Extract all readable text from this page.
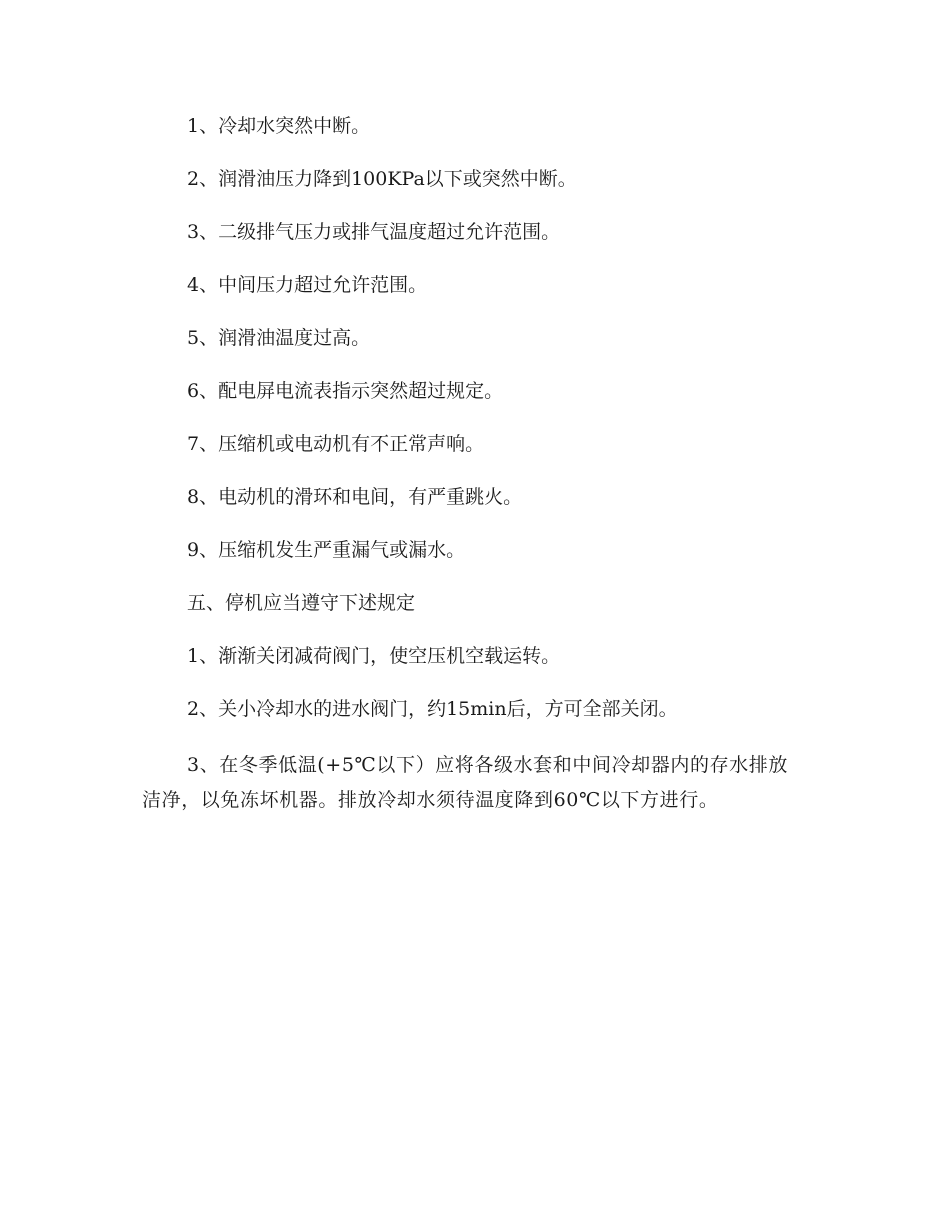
1、冷却水突然中断。

2、润滑油压力降到100KPa以下或突然中断。

3、二级排气压力或排气温度超过允许范围。

4、中间压力超过允许范围。

5、润滑油温度过高。

6、配电屏电流表指示突然超过规定。

7、压缩机或电动机有不正常声响。

8、电动机的滑环和电间，有严重跳火。

9、压缩机发生严重漏气或漏水。

五、停机应当遵守下述规定

1、渐渐关闭减荷阀门，使空压机空载运转。

2、关小冷却水的进水阀门，约15min后，方可全部关闭。

3、在冬季低温(+5℃以下）应将各级水套和中间冷却器内的存水排放洁净，以免冻坏机器。排放冷却水须待温度降到60℃以下方进行。
